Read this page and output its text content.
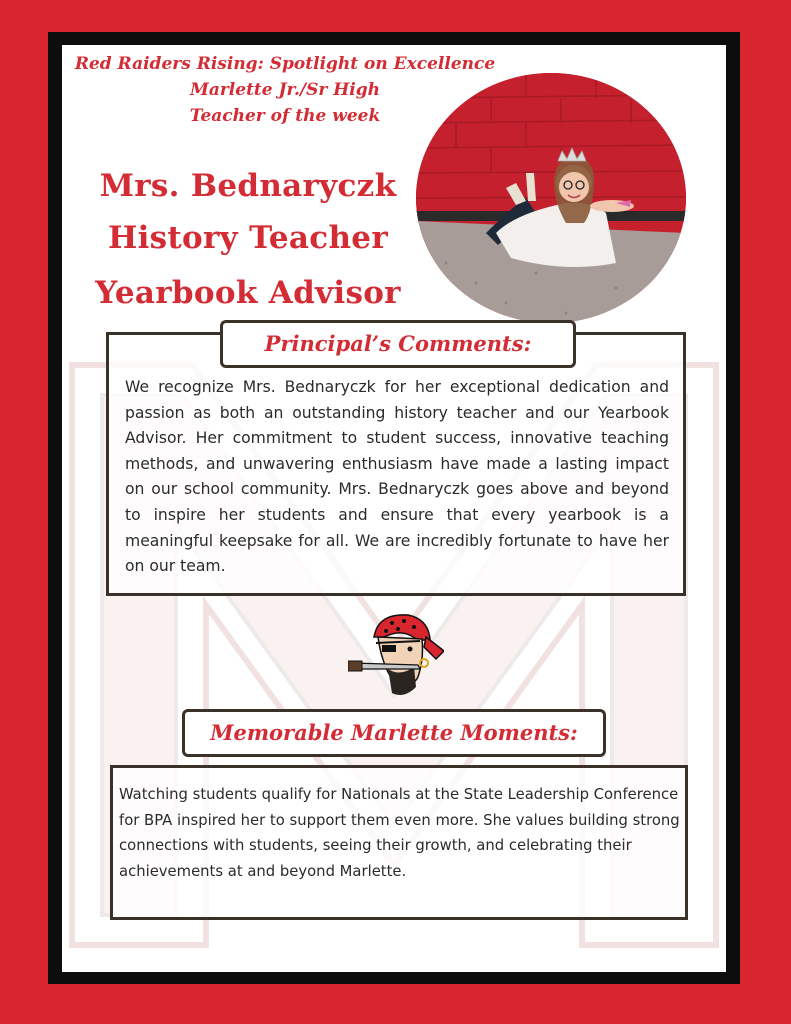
Red Raiders Rising: Spotlight on Excellence
Marlette Jr./Sr High
Teacher of the week
Mrs. Bednaryczk
History Teacher
Yearbook Advisor
We recognize Mrs. Bednaryczk for her exceptional dedication and passion as both an outstanding history teacher and our Yearbook Advisor. Her commitment to student success, innovative teaching methods, and unwavering enthusiasm have made a lasting impact on our school community. Mrs. Bednaryczk goes above and beyond to inspire her students and ensure that every yearbook is a meaningful keepsake for all. We are incredibly fortunate to have her on our team.
Principal’s Comments:
Memorable Marlette Moments:
Watching students qualify for Nationals at the State Leadership Conference for BPA inspired her to support them even more. She values building strong connections with students, seeing their growth, and celebrating their achievements at and beyond Marlette.
